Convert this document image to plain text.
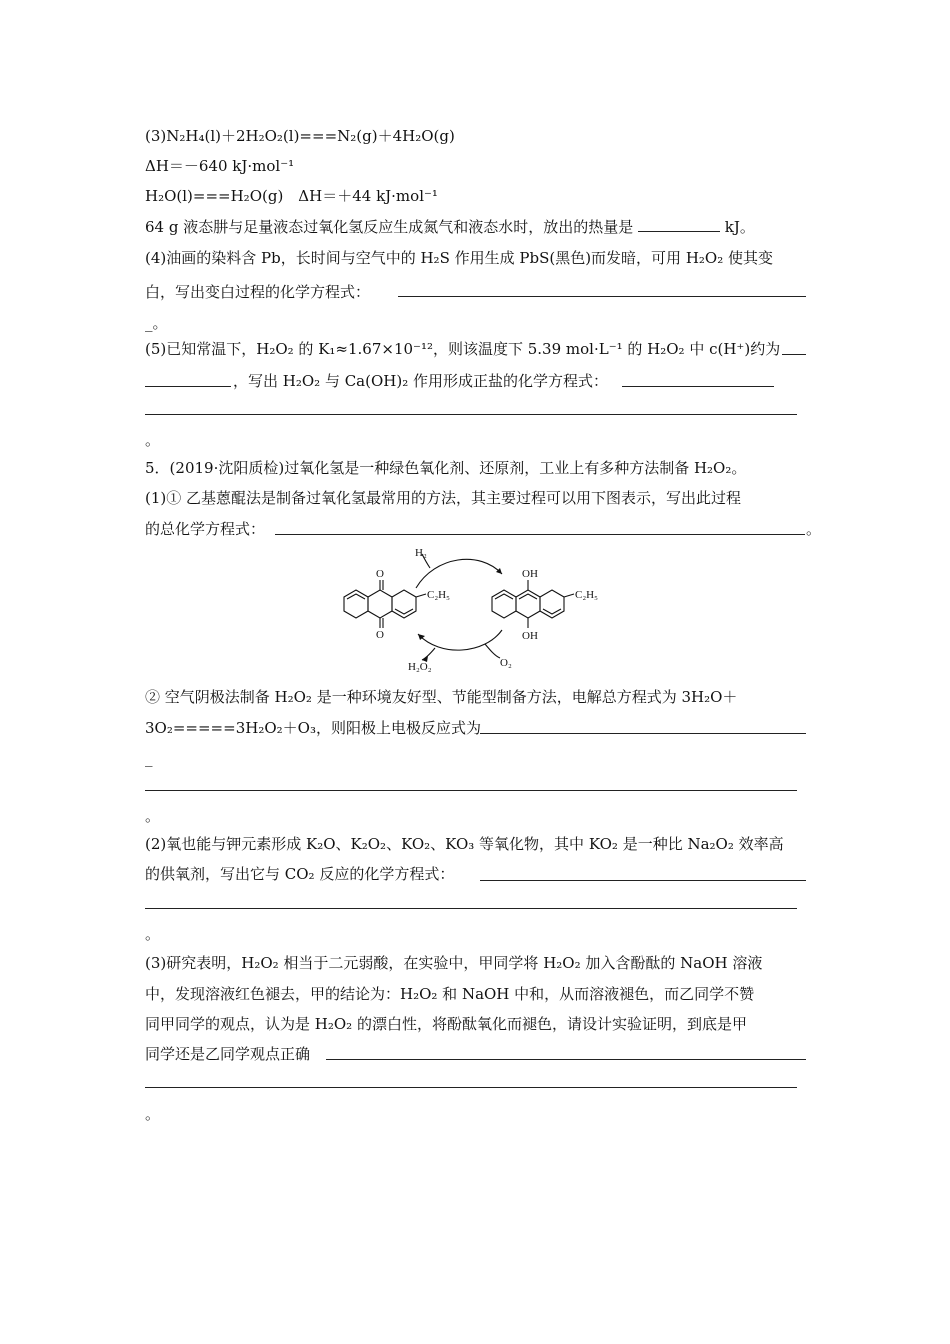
(3)N₂H₄(l)＋2H₂O₂(l)===N₂(g)＋4H₂O(g)
ΔH＝－640 kJ·mol⁻¹
H₂O(l)===H₂O(g)　ΔH＝＋44 kJ·mol⁻¹
64 g 液态肼与足量液态过氧化氢反应生成氮气和液态水时，放出的热量是	kJ。
(4)油画的染料含 Pb，长时间与空气中的 H₂S 作用生成 PbS(黑色)而发暗，可用 H₂O₂ 使其变
白，写出变白过程的化学方程式：
_。
(5)已知常温下，H₂O₂ 的 K₁≈1.67×10⁻¹²，则该温度下 5.39 mol·L⁻¹ 的 H₂O₂ 中 c(H⁺)约为
，写出 H₂O₂ 与 Ca(OH)₂ 作用形成正盐的化学方程式：
。
5．(2019·沈阳质检)过氧化氢是一种绿色氧化剂、还原剂，工业上有多种方法制备 H₂O₂。
(1)① 乙基蒽醌法是制备过氧化氢最常用的方法，其主要过程可以用下图表示，写出此过程
的总化学方程式：	。
H₂
O
O
C₂H₅
OH
OH
C₂H₅
H₂O₂	O₂
② 空气阴极法制备 H₂O₂ 是一种环境友好型、节能型制备方法，电解总方程式为 3H₂O＋
3O₂=====3H₂O₂＋O₃，则阳极上电极反应式为
_
。
(2)氧也能与钾元素形成 K₂O、K₂O₂、KO₂、KO₃ 等氧化物，其中 KO₂ 是一种比 Na₂O₂ 效率高
的供氧剂，写出它与 CO₂ 反应的化学方程式：
。
(3)研究表明，H₂O₂ 相当于二元弱酸，在实验中，甲同学将 H₂O₂ 加入含酚酞的 NaOH 溶液
中，发现溶液红色褪去，甲的结论为：H₂O₂ 和 NaOH 中和，从而溶液褪色，而乙同学不赞
同甲同学的观点，认为是 H₂O₂ 的漂白性，将酚酞氧化而褪色，请设计实验证明，到底是甲
同学还是乙同学观点正确
。
